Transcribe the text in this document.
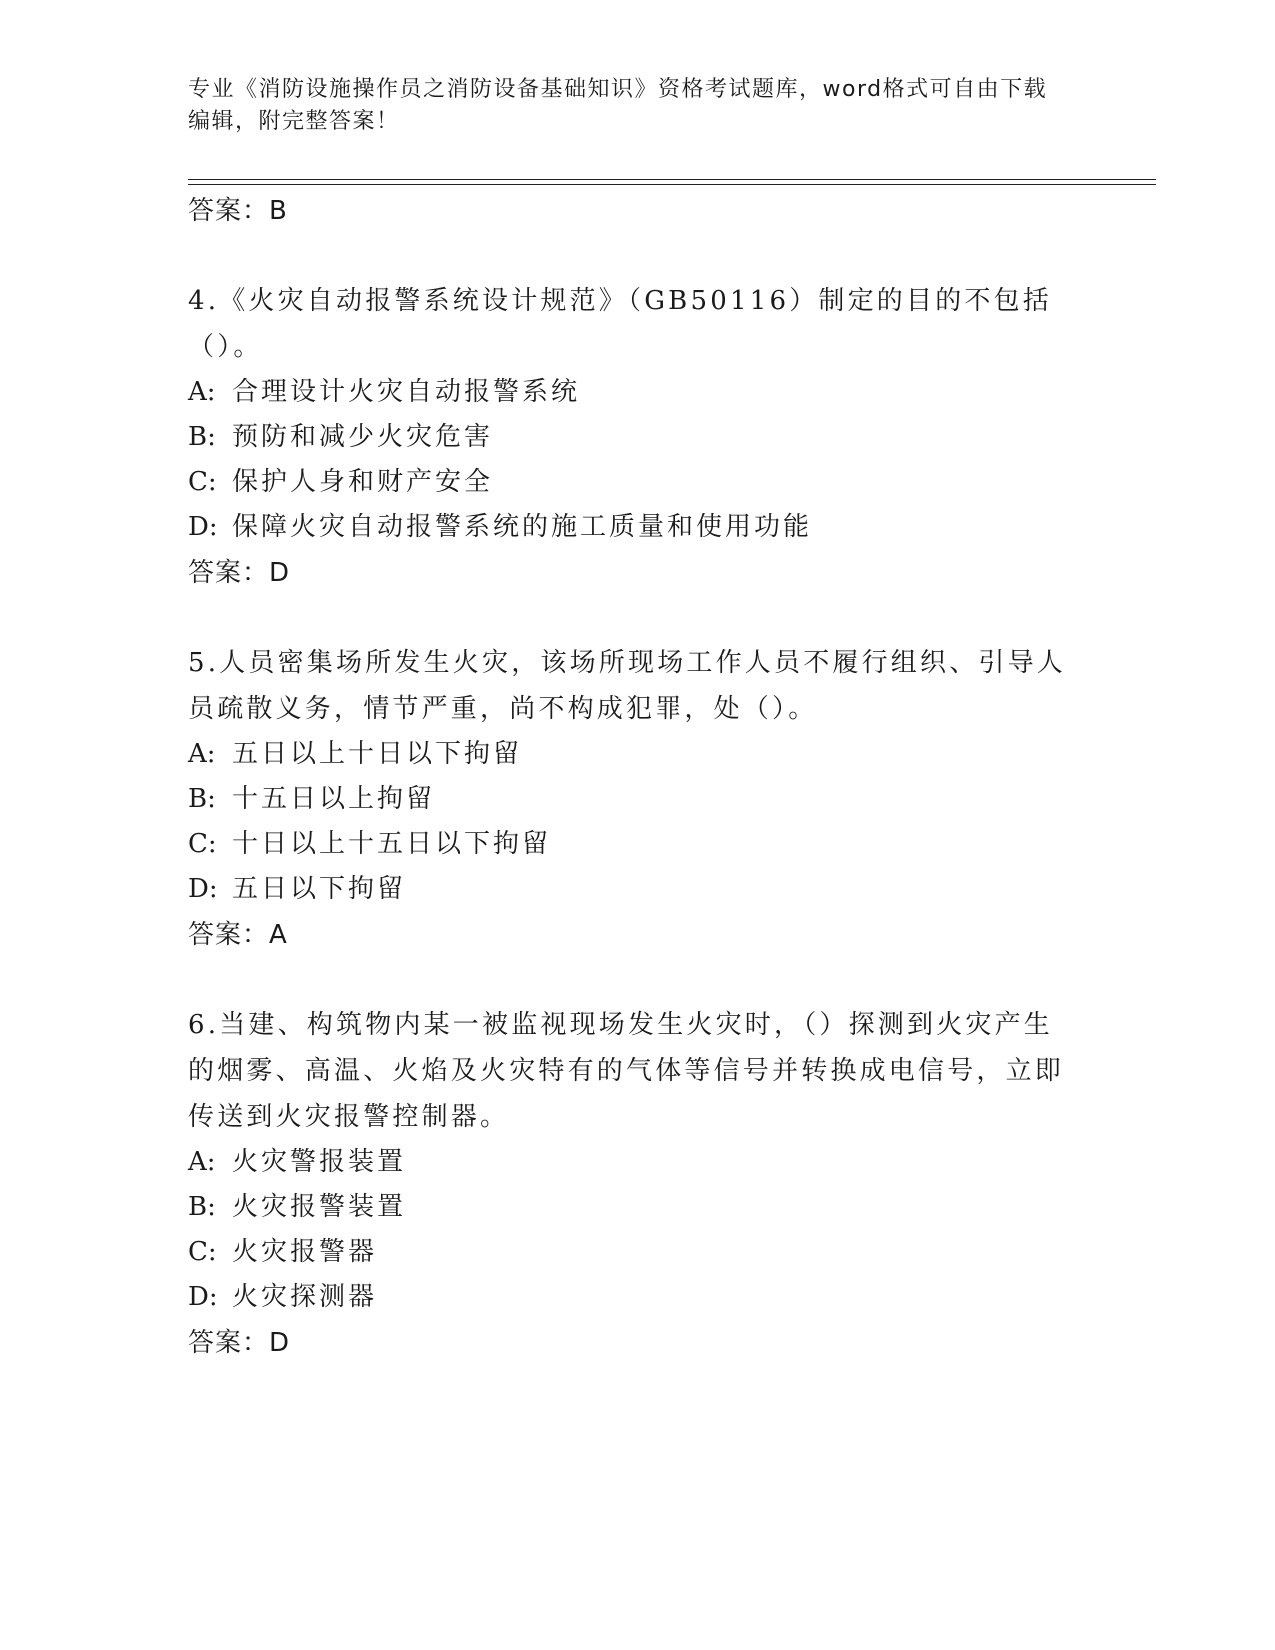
专业《消防设施操作员之消防设备基础知识》资格考试题库，word格式可自由下载编辑，附完整答案！
答案：B
4.《火灾自动报警系统设计规范》（GB50116）制定的目的不包括（）。
A: 合理设计火灾自动报警系统
B: 预防和减少火灾危害
C: 保护人身和财产安全
D: 保障火灾自动报警系统的施工质量和使用功能
答案：D
5.人员密集场所发生火灾，该场所现场工作人员不履行组织、引导人员疏散义务，情节严重，尚不构成犯罪，处（）。
A: 五日以上十日以下拘留
B: 十五日以上拘留
C: 十日以上十五日以下拘留
D: 五日以下拘留
答案：A
6.当建、构筑物内某一被监视现场发生火灾时，（）探测到火灾产生的烟雾、高温、火焰及火灾特有的气体等信号并转换成电信号，立即传送到火灾报警控制器。
A: 火灾警报装置
B: 火灾报警装置
C: 火灾报警器
D: 火灾探测器
答案：D
